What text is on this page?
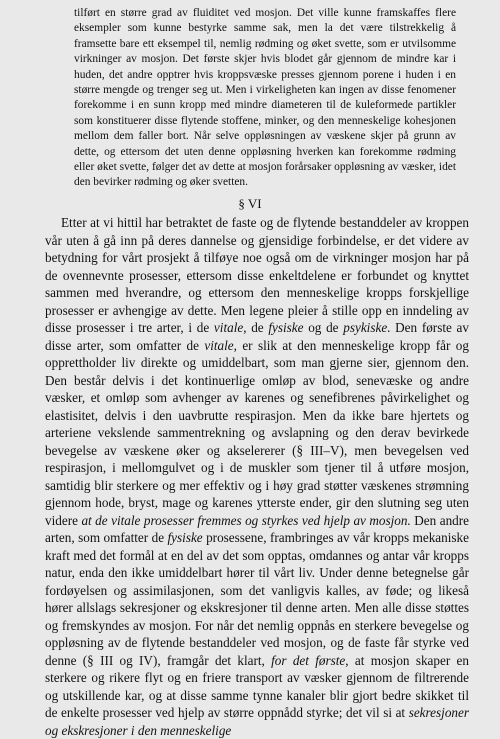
tilført en større grad av fluiditet ved mosjon. Det ville kunne framskaffes flere eksempler som kunne bestyrke samme sak, men la det være tilstrekkelig å framsette bare ett eksempel til, nemlig rødming og øket svette, som er utvilsomme virkninger av mosjon. Det første skjer hvis blodet går gjennom de mindre kar i huden, det andre opptrer hvis kroppsvæske presses gjennom porene i huden i en større mengde og trenger seg ut. Men i virkeligheten kan ingen av disse fenomener forekomme i en sunn kropp med mindre diameteren til de kuleformede partikler som konstituerer disse flytende stoffene, minker, og den menneskelige kohesjonen mellom dem faller bort. Når selve oppløsningen av væskene skjer på grunn av dette, og ettersom det uten denne oppløsning hverken kan forekomme rødming eller øket svette, følger det av dette at mosjon forårsaker oppløsning av væsker, idet den bevirker rødming og øker svetten.

§ VI

Etter at vi hittil har betraktet de faste og de flytende bestanddeler av kroppen vår uten å gå inn på deres dannelse og gjensidige forbindelse, er det videre av betydning for vårt prosjekt å tilføye noe også om de virkninger mosjon har på de ovennevnte prosesser, ettersom disse enkeltdelene er forbundet og knyttet sammen med hverandre, og ettersom den menneskelige kropps forskjellige prosesser er avhengige av dette. Men legene pleier å stille opp en inndeling av disse prosesser i tre arter, i de vitale, de fysiske og de psykiske. Den første av disse arter, som omfatter de vitale, er slik at den menneskelige kropp får og opprettholder liv direkte og umiddelbart, som man gjerne sier, gjennom den. Den består delvis i det kontinuerlige omløp av blod, senevæske og andre væsker, et omløp som avhenger av karenes og senefibrenes påvirkelighet og elastisitet, delvis i den uavbrutte respirasjon. Men da ikke bare hjertets og arteriene vekslende sammentrekning og avslapning og den derav bevirkede bevegelse av væskene øker og akselererer (§ III–V), men bevegelsen ved respirasjon, i mellomgulvet og i de muskler som tjener til å utføre mosjon, samtidig blir sterkere og mer effektiv og i høy grad støtter væskenes strømning gjennom hode, bryst, mage og karenes ytterste ender, gir den slutning seg uten videre at de vitale prosesser fremmes og styrkes ved hjelp av mosjon. Den andre arten, som omfatter de fysiske prosessene, frambringes av vår kropps mekaniske kraft med det formål at en del av det som opptas, omdannes og antar vår kropps natur, enda den ikke umiddelbart hører til vårt liv. Under denne betegnelse går fordøyelsen og assimilasjonen, som det vanligvis kalles, av føde; og likeså hører allslags sekresjoner og ekskresjoner til denne arten. Men alle disse støttes og fremskyndes av mosjon. For når det nemlig oppnås en sterkere bevegelse og oppløsning av de flytende bestanddeler ved mosjon, og de faste får styrke ved denne (§ III og IV), framgår det klart, for det første, at mosjon skaper en sterkere og rikere flyt og en friere transport av væsker gjennom de filtrerende og utskillende kar, og at disse samme tynne kanaler blir gjort bedre skikket til de enkelte prosesser ved hjelp av større oppnådd styrke; det vil si at sekresjoner og ekskresjoner i den menneskelige
